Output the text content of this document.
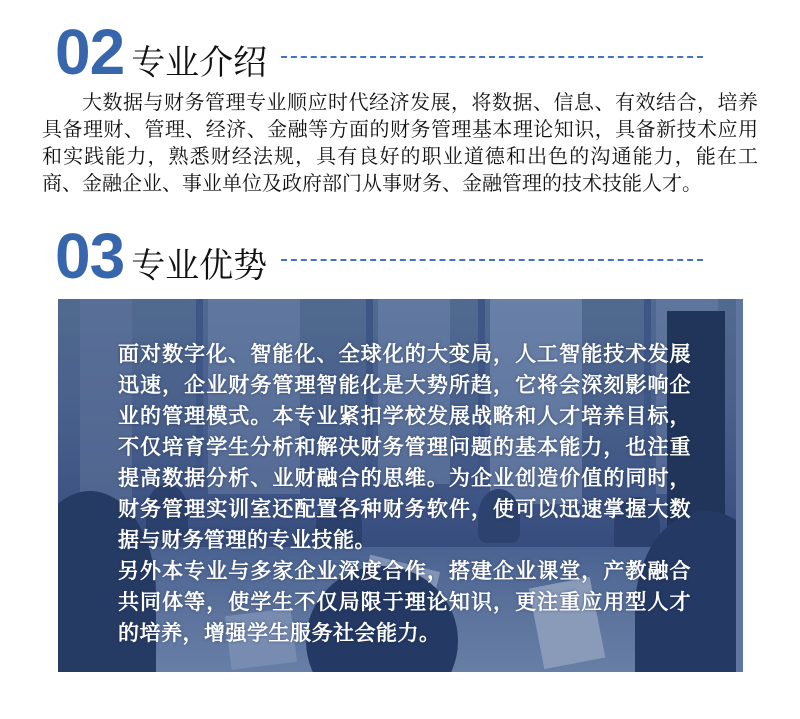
02 专业介绍

大数据与财务管理专业顺应时代经济发展，将数据、信息、有效结合，培养具备理财、管理、经济、金融等方面的财务管理基本理论知识，具备新技术应用和实践能力，熟悉财经法规，具有良好的职业道德和出色的沟通能力，能在工商、金融企业、事业单位及政府部门从事财务、金融管理的技术技能人才。

03 专业优势

面对数字化、智能化、全球化的大变局，人工智能技术发展迅速，企业财务管理智能化是大势所趋，它将会深刻影响企业的管理模式。本专业紧扣学校发展战略和人才培养目标，不仅培育学生分析和解决财务管理问题的基本能力，也注重提高数据分析、业财融合的思维。为企业创造价值的同时，财务管理实训室还配置各种财务软件，使可以迅速掌握大数据与财务管理的专业技能。

另外本专业与多家企业深度合作，搭建企业课堂，产教融合共同体等，使学生不仅局限于理论知识，更注重应用型人才的培养，增强学生服务社会能力。
